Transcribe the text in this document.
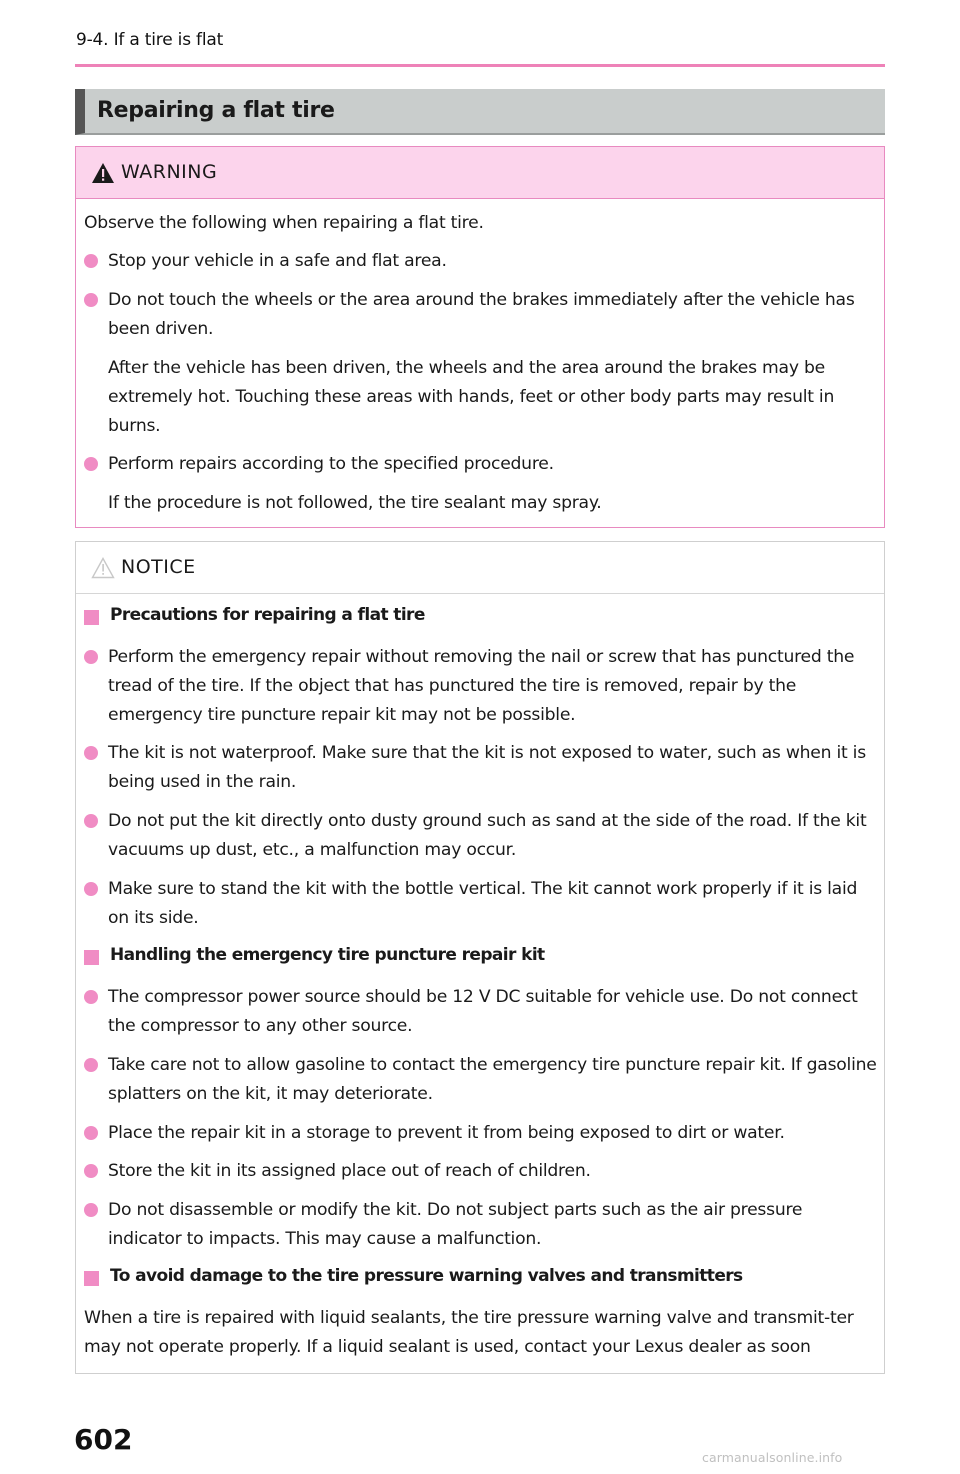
9-4. If a tire is flat
Repairing a flat tire
WARNING
Observe the following when repairing a flat tire.
Stop your vehicle in a safe and flat area.
Do not touch the wheels or the area around the brakes immediately after the vehicle has been driven.
After the vehicle has been driven, the wheels and the area around the brakes may be extremely hot. Touching these areas with hands, feet or other body parts may result in burns.
Perform repairs according to the specified procedure.
If the procedure is not followed, the tire sealant may spray.
NOTICE
Precautions for repairing a flat tire
Perform the emergency repair without removing the nail or screw that has punctured the tread of the tire. If the object that has punctured the tire is removed, repair by the emergency tire puncture repair kit may not be possible.
The kit is not waterproof. Make sure that the kit is not exposed to water, such as when it is being used in the rain.
Do not put the kit directly onto dusty ground such as sand at the side of the road. If the kit vacuums up dust, etc., a malfunction may occur.
Make sure to stand the kit with the bottle vertical. The kit cannot work properly if it is laid on its side.
Handling the emergency tire puncture repair kit
The compressor power source should be 12 V DC suitable for vehicle use. Do not connect the compressor to any other source.
Take care not to allow gasoline to contact the emergency tire puncture repair kit. If gasoline splatters on the kit, it may deteriorate.
Place the repair kit in a storage to prevent it from being exposed to dirt or water.
Store the kit in its assigned place out of reach of children.
Do not disassemble or modify the kit. Do not subject parts such as the air pressure indicator to impacts. This may cause a malfunction.
To avoid damage to the tire pressure warning valves and transmitters
When a tire is repaired with liquid sealants, the tire pressure warning valve and transmit-ter may not operate properly. If a liquid sealant is used, contact your Lexus dealer as soon
602
carmanualsonline.info
